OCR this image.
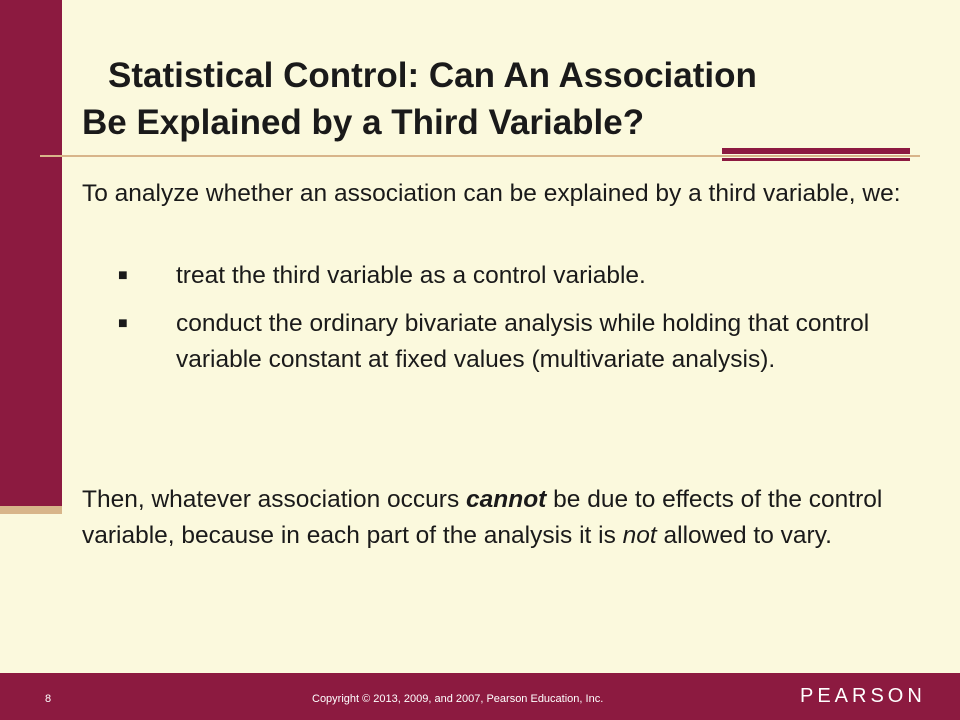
Statistical Control: Can An Association
Be Explained by a Third Variable?

To analyze whether an association can be explained by a third variable, we:

■ treat the third variable as a control variable.
■ conduct the ordinary bivariate analysis while holding that control variable constant at fixed values (multivariate analysis).

Then, whatever association occurs cannot be due to effects of the control variable, because in each part of the analysis it is not allowed to vary.

8	Copyright © 2013, 2009, and 2007, Pearson Education, Inc.	PEARSON
